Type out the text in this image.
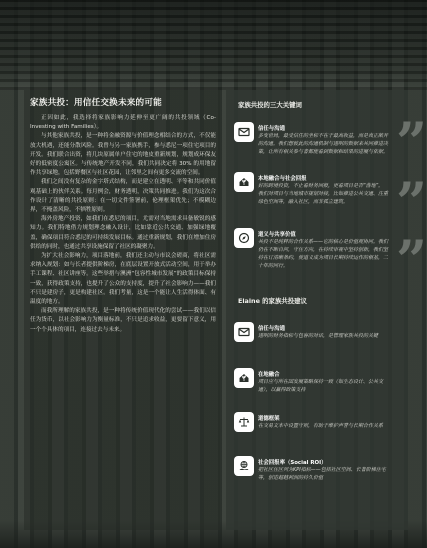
家族共投：用信任交换未来的可能

正因如此，我选择将家族影响力延伸至更广阔的共投领域（Co-Investing with Families）。

与其他家族共投，是一种将金融资源与价值理念相结合的方式，不仅能放大机遇，还能分散风险。我曾与另一家族携手，参与悉尼一项住宅项目的开发。我们联合出资，将几块原属单户住宅的地皮重新规划，规划成环保友好的低密度公寓区。与传统地产开发不同，我们共同决定将 30% 的用地留作共享绿地，包括野餐区与社区花园，让邻里之间有更多交流的空间。

我们之间没有复杂的金字塔式结构，而是建立在透明、平等和共同价值观基础上的伙伴关系。每月例会，财务透明，决策共同推进。我们为这次合作设计了清晰的共投原则：在一切文件签署前，伦理框架优先；不模糊边界，不掩盖风险，不牺牲原则。

海外房地产投资，如我们在悉尼的项目，尤需对当地需求具备敏锐的感知力。我们特地借力规划理念融入设计，比如靠近公共交通、加强绿地覆盖，确保项目符合悉尼的可持续发展目标。通过重新规划，我们在增加住房供给的同时，也通过共享设施保留了社区的凝聚力。

为扩大社会影响力，项目落地前，我们还主动与市议会磋商，将社区需求纳入规划：如与长者提供阶梯房，在底层设置开放式活动空间，用于举办手工课程、社区讲座等。这些举措与澳洲“包容性城市发展”的政策目标保持一致，获得政策支持，也提升了公众的支持度，提升了社会影响力——我们不只是建房子，更是构建社区。我们考量，这是一个能让人生活得体面、有温度的地方。

而我所理解的家族共投，是一种将传统价值现代化的尝试——我们以信任为货币，以社会影响力为衡量标准，不只是追求收益，更要留下意义，用一个个具体的项目，连接过去与未来。

”
”
”
家族共投的三大关键词
信任与沟通
多变世局，最受信任的坐标不在于最高收益，而是真正敞开的沟通。我们想彼此的沟通机制与透明的数据来共同推进决策，让所有相关参与者都能看到数据和结果的进展与依据。
本地融合与社会回报
好的跨境投资，不止看财务回报，更看项目是否“落地”。我们对项目与当地城市规划对接，比如推进公共交通、注重绿色空间等，融入社区，而非孤立建筑。
道义与共享价值
共投不是纯粹的合作关系——它的核心是价值观协同。我们仍在不断自问，守住方向，在持续审视中坚持创新，我们坚持在订清晰条约，使道义成为项目长期持续运作的根基，二十年的同行。
Elaine 的家族共投建议
信任与沟通
透明的财务指标与包容的对话，是管理家族共投的关键
在地融合
项目应与所在国发展策略保持一致（如生态设计、公共交通），以赢得政策支持
道德框架
在交易文本中设置守则，有助于维护声誉与长期合作关系
社会回报率（Social ROI）
把社区住区列为KPI指标——包括社区空间、长者阶梯住宅等，创造超越利润的持久价值
